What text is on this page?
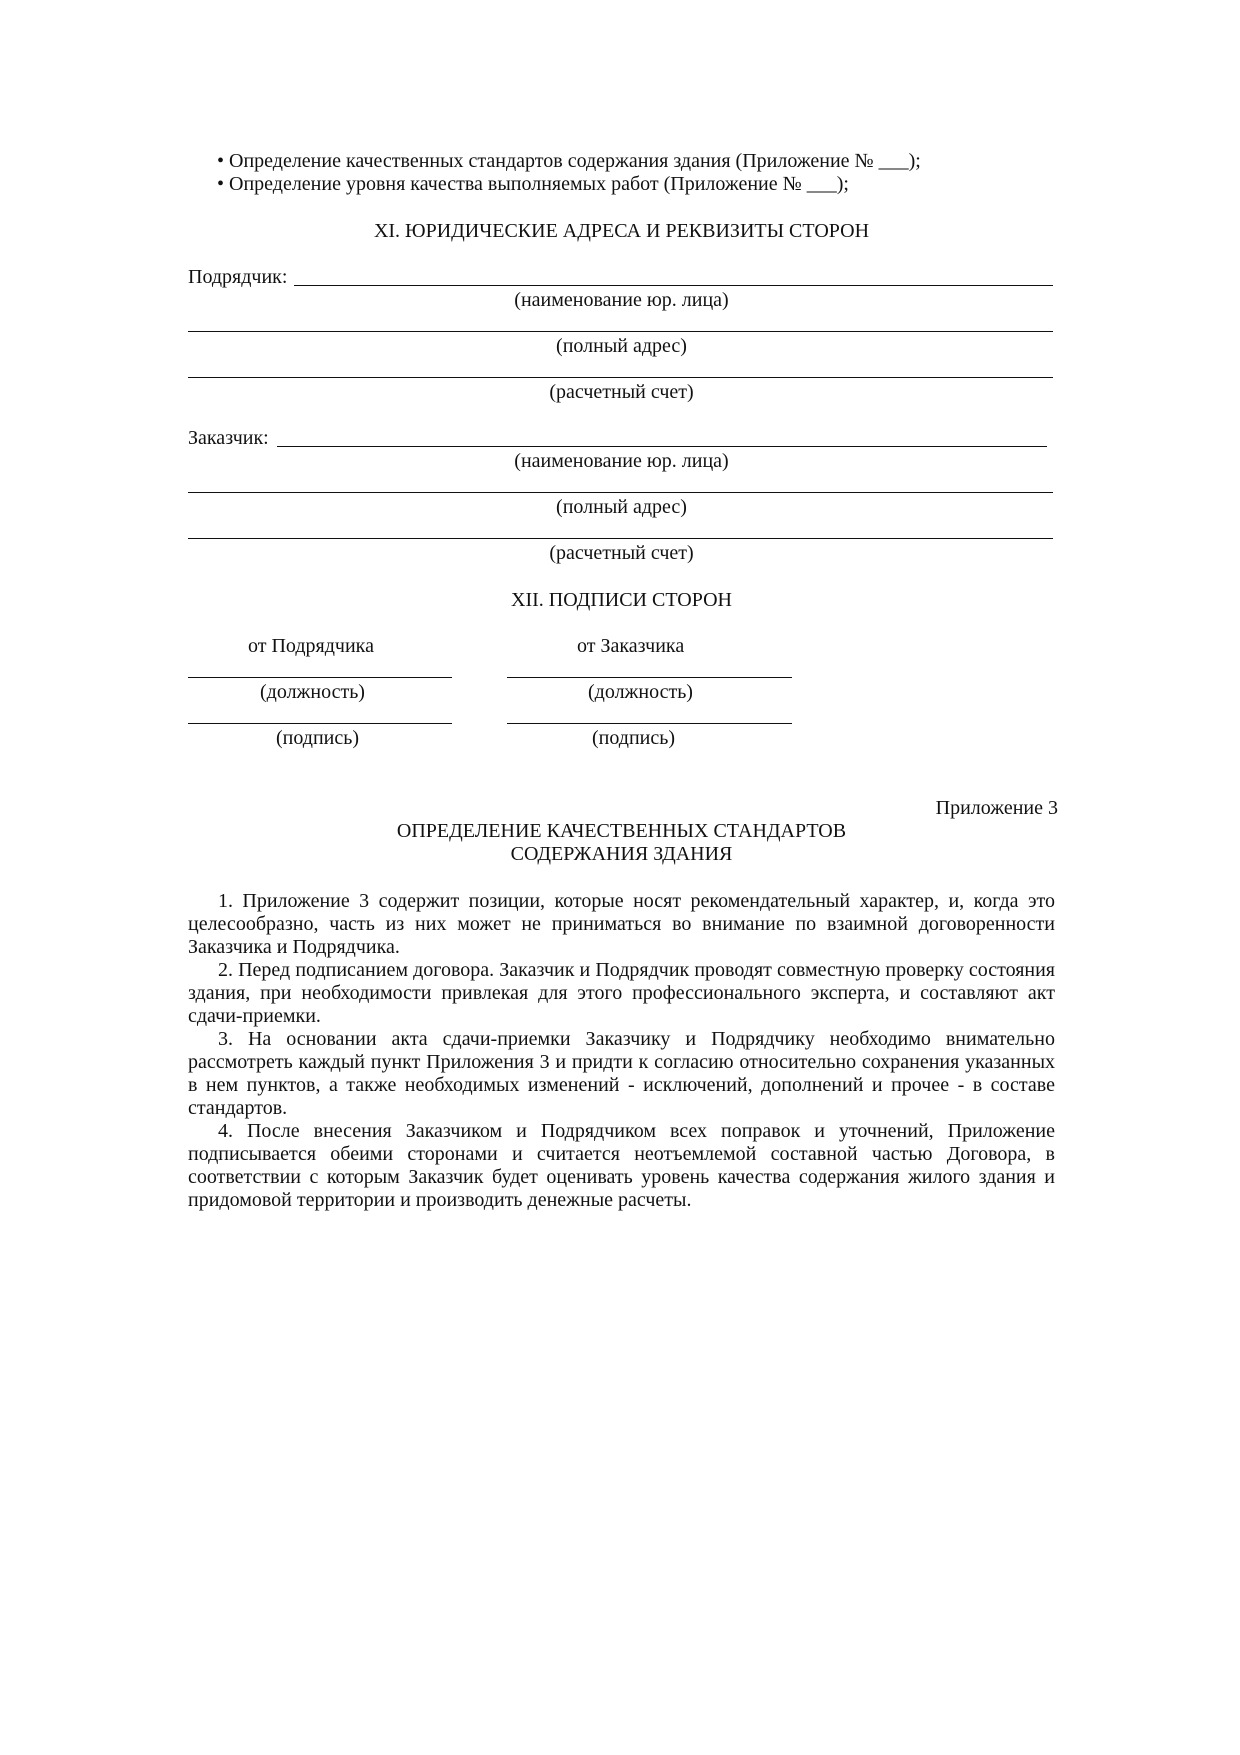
• Определение качественных стандартов содержания здания (Приложение № ___);
• Определение уровня качества выполняемых работ (Приложение № ___);
XI. ЮРИДИЧЕСКИЕ АДРЕСА И РЕКВИЗИТЫ СТОРОН
Подрядчик:
(наименование юр. лица)
(полный адрес)
(расчетный счет)
Заказчик:
(наименование юр. лица)
(полный адрес)
(расчетный счет)
XII. ПОДПИСИ СТОРОН
от Подрядчика	от Заказчика
(должность)	(должность)
(подпись)	(подпись)
Приложение 3
ОПРЕДЕЛЕНИЕ КАЧЕСТВЕННЫХ СТАНДАРТОВ
СОДЕРЖАНИЯ ЗДАНИЯ
1. Приложение 3 содержит позиции, которые носят рекомендательный характер, и, когда это целесообразно, часть из них может не приниматься во внимание по взаимной договоренности Заказчика и Подрядчика.
2. Перед подписанием договора. Заказчик и Подрядчик проводят совместную проверку состояния здания, при необходимости привлекая для этого профессионального эксперта, и составляют акт сдачи-приемки.
3. На основании акта сдачи-приемки Заказчику и Подрядчику необходимо внимательно рассмотреть каждый пункт Приложения 3 и придти к согласию относительно сохранения указанных в нем пунктов, а также необходимых изменений - исключений, дополнений и прочее - в составе стандартов.
4. После внесения Заказчиком и Подрядчиком всех поправок и уточнений, Приложение подписывается обеими сторонами и считается неотъемлемой составной частью Договора, в соответствии с которым Заказчик будет оценивать уровень качества содержания жилого здания и придомовой территории и производить денежные расчеты.
